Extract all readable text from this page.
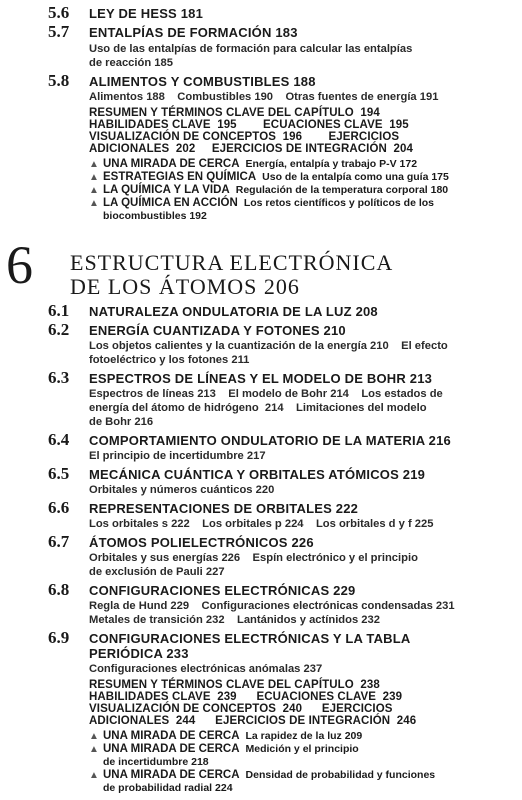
5.6	LEY DE HESS 181
5.7	ENTALPÍAS DE FORMACIÓN 183
Uso de las entalpías de formación para calcular las entalpías
de reacción 185
5.8	ALIMENTOS Y COMBUSTIBLES 188
Alimentos 188    Combustibles 190    Otras fuentes de energía 191
RESUMEN Y TÉRMINOS CLAVE DEL CAPÍTULO  194
HABILIDADES CLAVE  195        ECUACIONES CLAVE  195
VISUALIZACIÓN DE CONCEPTOS  196        EJERCICIOS
ADICIONALES  202     EJERCICIOS DE INTEGRACIÓN  204
▲ UNA MIRADA DE CERCA Energía, entalpía y trabajo P-V 172
▲ ESTRATEGIAS EN QUÍMICA Uso de la entalpía como una guía 175
▲ LA QUÍMICA Y LA VIDA Regulación de la temperatura corporal 180
▲ LA QUÍMICA EN ACCIÓN Los retos científicos y políticos de los
biocombustibles 192
6 ESTRUCTURA ELECTRÓNICA
DE LOS ÁTOMOS 206
6.1	NATURALEZA ONDULATORIA DE LA LUZ 208
6.2	ENERGÍA CUANTIZADA Y FOTONES 210
Los objetos calientes y la cuantización de la energía 210    El efecto
fotoeléctrico y los fotones 211
6.3	ESPECTROS DE LÍNEAS Y EL MODELO DE BOHR 213
Espectros de líneas 213    El modelo de Bohr 214    Los estados de
energía del átomo de hidrógeno  214    Limitaciones del modelo
de Bohr 216
6.4	COMPORTAMIENTO ONDULATORIO DE LA MATERIA 216
El principio de incertidumbre 217
6.5	MECÁNICA CUÁNTICA Y ORBITALES ATÓMICOS 219
Orbitales y números cuánticos 220
6.6	REPRESENTACIONES DE ORBITALES 222
Los orbitales s 222    Los orbitales p 224    Los orbitales d y f 225
6.7	ÁTOMOS POLIELECTRÓNICOS 226
Orbitales y sus energías 226    Espín electrónico y el principio
de exclusión de Pauli 227
6.8	CONFIGURACIONES ELECTRÓNICAS 229
Regla de Hund 229    Configuraciones electrónicas condensadas 231
Metales de transición 232    Lantánidos y actínidos 232
6.9	CONFIGURACIONES ELECTRÓNICAS Y LA TABLA
PERIÓDICA 233
Configuraciones electrónicas anómalas 237
RESUMEN Y TÉRMINOS CLAVE DEL CAPÍTULO  238
HABILIDADES CLAVE  239      ECUACIONES CLAVE  239
VISUALIZACIÓN DE CONCEPTOS  240      EJERCICIOS
ADICIONALES  244      EJERCICIOS DE INTEGRACIÓN  246
▲ UNA MIRADA DE CERCA La rapidez de la luz 209
▲ UNA MIRADA DE CERCA Medición y el principio
de incertidumbre 218
▲ UNA MIRADA DE CERCA Densidad de probabilidad y funciones
de probabilidad radial 224
